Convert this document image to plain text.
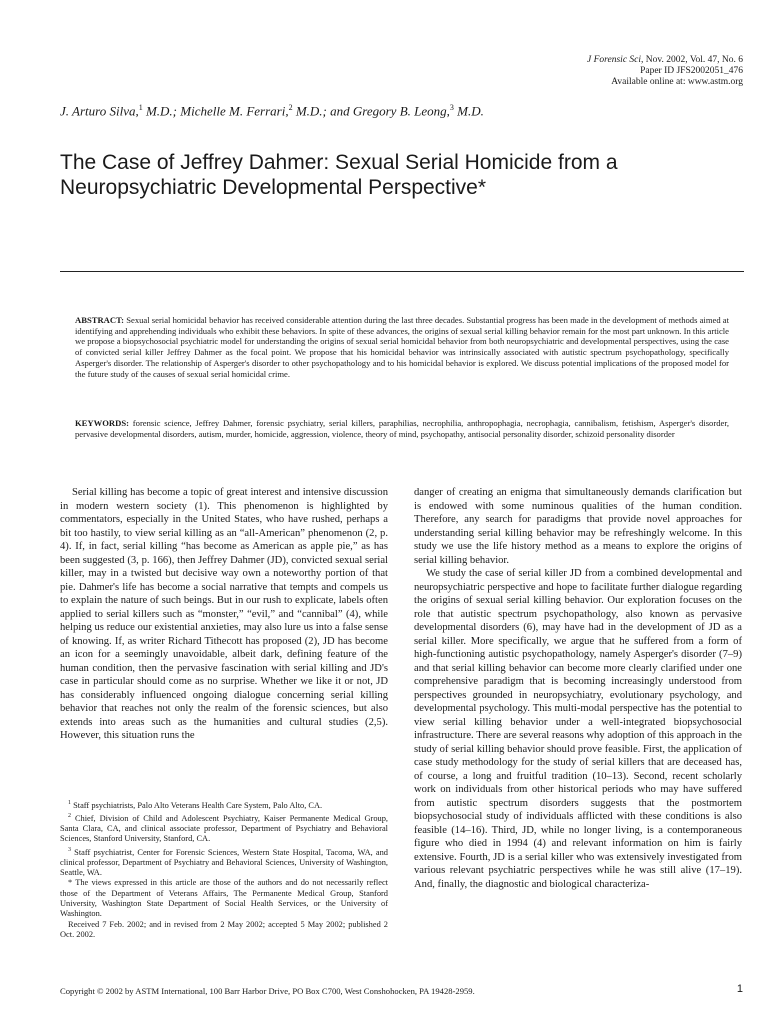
J Forensic Sci, Nov. 2002, Vol. 47, No. 6
Paper ID JFS2002051_476
Available online at: www.astm.org
J. Arturo Silva,$^1$ M.D.; Michelle M. Ferrari,$^2$ M.D.; and Gregory B. Leong,$^3$ M.D.
The Case of Jeffrey Dahmer: Sexual Serial Homicide from a Neuropsychiatric Developmental Perspective*

ABSTRACT: Sexual serial homicidal behavior has received considerable attention during the last three decades. Substantial progress has been made in the development of methods aimed at identifying and apprehending individuals who exhibit these behaviors. In spite of these advances, the origins of sexual serial killing behavior remain for the most part unknown. In this article we propose a biopsychosocial psychiatric model for understanding the origins of sexual serial homicidal behavior from both neuropsychiatric and developmental perspectives, using the case of convicted serial killer Jeffrey Dahmer as the focal point. We propose that his homicidal behavior was intrinsically associated with autistic spectrum psychopathology, specifically Asperger's disorder. The relationship of Asperger's disorder to other psychopathology and to his homicidal behavior is explored. We discuss potential implications of the proposed model for the future study of the causes of sexual serial homicidal crime.

KEYWORDS: forensic science, Jeffrey Dahmer, forensic psychiatry, serial killers, paraphilias, necrophilia, anthropophagia, necrophagia, cannibalism, fetishism, Asperger's disorder, pervasive developmental disorders, autism, murder, homicide, aggression, violence, theory of mind, psychopathy, antisocial personality disorder, schizoid personality disorder

Serial killing has become a topic of great interest and intensive discussion in modern western society (1). This phenomenon is highlighted by commentators, especially in the United States, who have rushed, perhaps a bit too hastily, to view serial killing as an “all-American” phenomenon (2, p. 4). If, in fact, serial killing “has become as American as apple pie,” as has been suggested (3, p. 166), then Jeffrey Dahmer (JD), convicted sexual serial killer, may in a twisted but decisive way own a noteworthy portion of that pie. Dahmer's life has become a social narrative that tempts and compels us to explain the nature of such beings. But in our rush to explicate, labels often applied to serial killers such as “monster,” “evil,” and “cannibal” (4), while helping us reduce our existential anxieties, may also lure us into a false sense of knowing. If, as writer Richard Tithecott has proposed (2), JD has become an icon for a seemingly unavoidable, albeit dark, defining feature of the human condition, then the pervasive fascination with serial killing and JD's case in particular should come as no surprise. Whether we like it or not, JD has considerably influenced ongoing dialogue concerning serial killing behavior that reaches not only the realm of the forensic sciences, but also extends into areas such as the humanities and cultural studies (2,5). However, this situation runs the

$^1$ Staff psychiatrists, Palo Alto Veterans Health Care System, Palo Alto, CA.

$^2$ Chief, Division of Child and Adolescent Psychiatry, Kaiser Permanente Medical Group, Santa Clara, CA, and clinical associate professor, Department of Psychiatry and Behavioral Sciences, Stanford University, Stanford, CA.

$^3$ Staff psychiatrist, Center for Forensic Sciences, Western State Hospital, Tacoma, WA, and clinical professor, Department of Psychiatry and Behavioral Sciences, University of Washington, Seattle, WA.

* The views expressed in this article are those of the authors and do not necessarily reflect those of the Department of Veterans Affairs, The Permanente Medical Group, Stanford University, Washington State Department of Social Health Services, or the University of Washington.

Received 7 Feb. 2002; and in revised from 2 May 2002; accepted 5 May 2002; published 2 Oct. 2002.

danger of creating an enigma that simultaneously demands clarification but is endowed with some numinous qualities of the human condition. Therefore, any search for paradigms that provide novel approaches for understanding serial killing behavior may be refreshingly welcome. In this study we use the life history method as a means to explore the origins of serial killing behavior.

We study the case of serial killer JD from a combined developmental and neuropsychiatric perspective and hope to facilitate further dialogue regarding the origins of sexual serial killing behavior. Our exploration focuses on the role that autistic spectrum psychopathology, also known as pervasive developmental disorders (6), may have had in the development of JD as a serial killer. More specifically, we argue that he suffered from a form of high-functioning autistic psychopathology, namely Asperger's disorder (7–9) and that serial killing behavior can become more clearly clarified under one comprehensive paradigm that is becoming increasingly understood from perspectives grounded in neuropsychiatry, evolutionary psychology, and developmental psychology. This multi-modal perspective has the potential to view serial killing behavior under a well-integrated biopsychosocial infrastructure. There are several reasons why adoption of this approach in the study of serial killing behavior should prove feasible. First, the application of case study methodology for the study of serial killers that are deceased has, of course, a long and fruitful tradition (10–13). Second, recent scholarly work on individuals from other historical periods who may have suffered from autistic spectrum disorders suggests that the postmortem biopsychosocial study of individuals afflicted with these conditions is also feasible (14–16). Third, JD, while no longer living, is a contemporaneous figure who died in 1994 (4) and relevant information on him is fairly extensive. Fourth, JD is a serial killer who was extensively investigated from various relevant psychiatric perspectives while he was still alive (17–19). And, finally, the diagnostic and biological characteriza-

Copyright © 2002 by ASTM International, 100 Barr Harbor Drive, PO Box C700, West Conshohocken, PA 19428-2959.	1
